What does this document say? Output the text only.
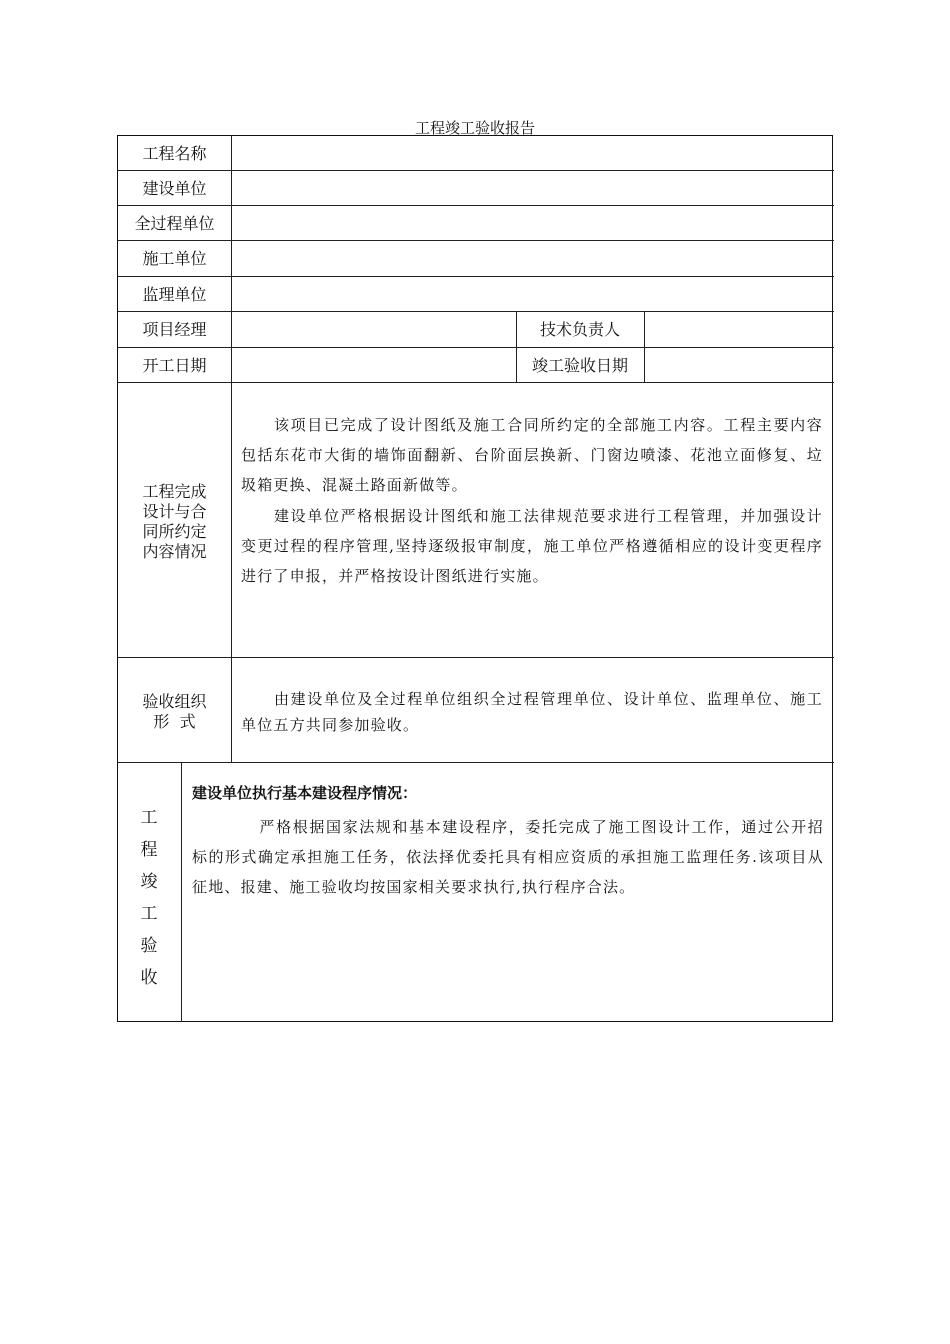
工程竣工验收报告
工程名称
建设单位
全过程单位
施工单位
监理单位
项目经理	技术负责人
开工日期	竣工验收日期
工程完成
设计与合
同所约定
内容情况
该项目已完成了设计图纸及施工合同所约定的全部施工内容。工程主要内容包括东花市大街的墙饰面翻新、台阶面层换新、门窗边喷漆、花池立面修复、垃圾箱更换、混凝土路面新做等。
建设单位严格根据设计图纸和施工法律规范要求进行工程管理，并加强设计变更过程的程序管理,坚持逐级报审制度，施工单位严格遵循相应的设计变更程序进行了申报，并严格按设计图纸进行实施。
验收组织
形  式
由建设单位及全过程单位组织全过程管理单位、设计单位、监理单位、施工单位五方共同参加验收。
工
程
竣
工
验
收
建设单位执行基本建设程序情况：
严格根据国家法规和基本建设程序，委托完成了施工图设计工作，通过公开招标的形式确定承担施工任务，依法择优委托具有相应资质的承担施工监理任务.该项目从征地、报建、施工验收均按国家相关要求执行,执行程序合法。
